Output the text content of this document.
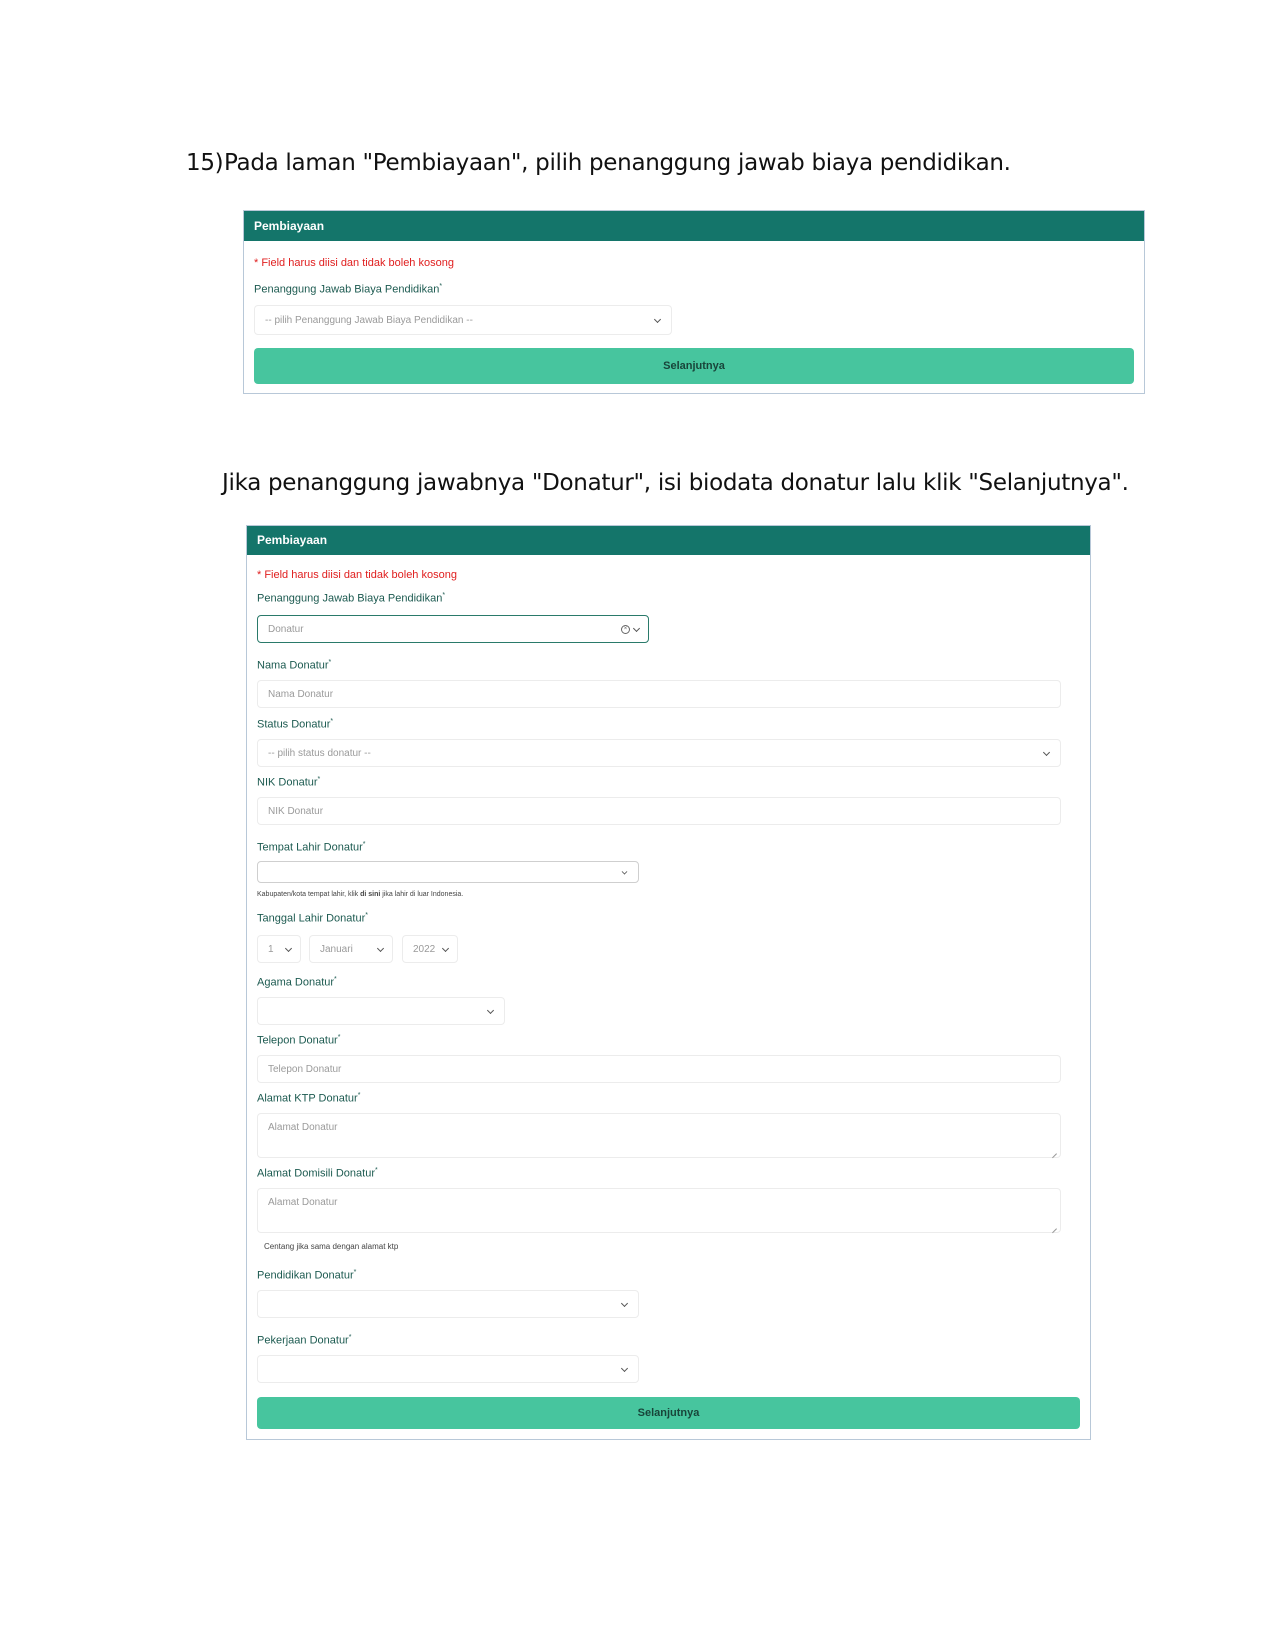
15)Pada laman "Pembiayaan", pilih penanggung jawab biaya pendidikan.
Pembiayaan
* Field harus diisi dan tidak boleh kosong
Penanggung Jawab Biaya Pendidikan*
-- pilih Penanggung Jawab Biaya Pendidikan --
Selanjutnya
Jika penanggung jawabnya "Donatur", isi biodata donatur lalu klik "Selanjutnya".
Pembiayaan
* Field harus diisi dan tidak boleh kosong
Penanggung Jawab Biaya Pendidikan*
Donatur	×
Nama Donatur*
Nama Donatur
Status Donatur*
-- pilih status donatur --
NIK Donatur*
NIK Donatur
Tempat Lahir Donatur*
Kabupaten/kota tempat lahir, klik di sini jika lahir di luar Indonesia.
Tanggal Lahir Donatur*
1	Januari	2022
Agama Donatur*
Telepon Donatur*
Telepon Donatur
Alamat KTP Donatur*
Alamat Donatur
Alamat Domisili Donatur*
Alamat Donatur
Centang jika sama dengan alamat ktp
Pendidikan Donatur*
Pekerjaan Donatur*
Selanjutnya
